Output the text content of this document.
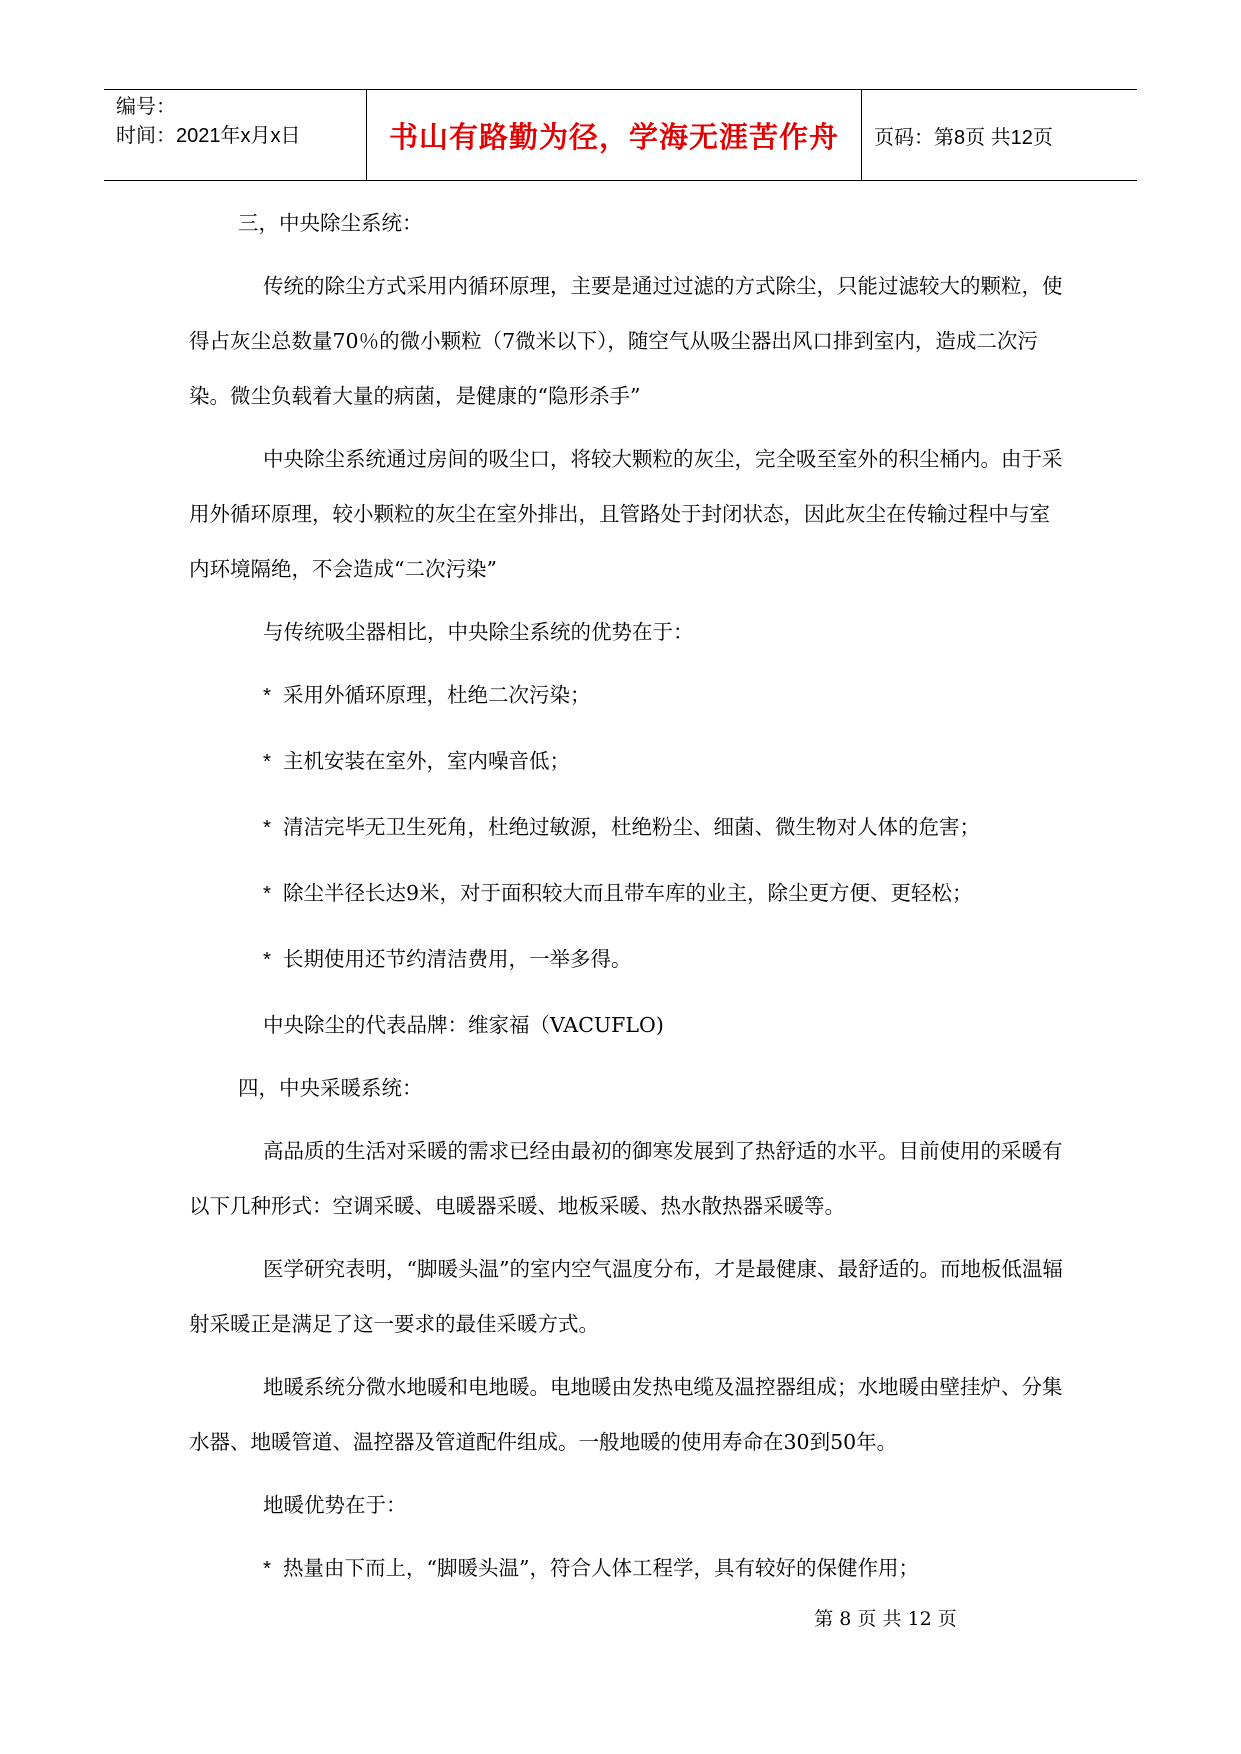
编号：
时间：2021年x月x日	书山有路勤为径，学海无涯苦作舟	页码：第8页 共12页

三，中央除尘系统：

传统的除尘方式采用内循环原理，主要是通过过滤的方式除尘，只能过滤较大的颗粒，使得占灰尘总数量70％的微小颗粒（7微米以下），随空气从吸尘器出风口排到室内，造成二次污染。微尘负载着大量的病菌，是健康的“隐形杀手”

中央除尘系统通过房间的吸尘口，将较大颗粒的灰尘，完全吸至室外的积尘桶内。由于采用外循环原理，较小颗粒的灰尘在室外排出，且管路处于封闭状态，因此灰尘在传输过程中与室内环境隔绝，不会造成“二次污染”

与传统吸尘器相比，中央除尘系统的优势在于：

* 采用外循环原理，杜绝二次污染；
* 主机安装在室外，室内噪音低；
* 清洁完毕无卫生死角，杜绝过敏源，杜绝粉尘、细菌、微生物对人体的危害；
* 除尘半径长达9米，对于面积较大而且带车库的业主，除尘更方便、更轻松；
* 长期使用还节约清洁费用，一举多得。

中央除尘的代表品牌：维家福（VACUFLO)

四，中央采暖系统：

高品质的生活对采暖的需求已经由最初的御寒发展到了热舒适的水平。目前使用的采暖有以下几种形式：空调采暖、电暖器采暖、地板采暖、热水散热器采暖等。

医学研究表明，“脚暖头温”的室内空气温度分布，才是最健康、最舒适的。而地板低温辐射采暖正是满足了这一要求的最佳采暖方式。

地暖系统分微水地暖和电地暖。电地暖由发热电缆及温控器组成；水地暖由壁挂炉、分集水器、地暖管道、温控器及管道配件组成。一般地暖的使用寿命在30到50年。

地暖优势在于：

* 热量由下而上，“脚暖头温”，符合人体工程学，具有较好的保健作用；
第 8 页 共 12 页
